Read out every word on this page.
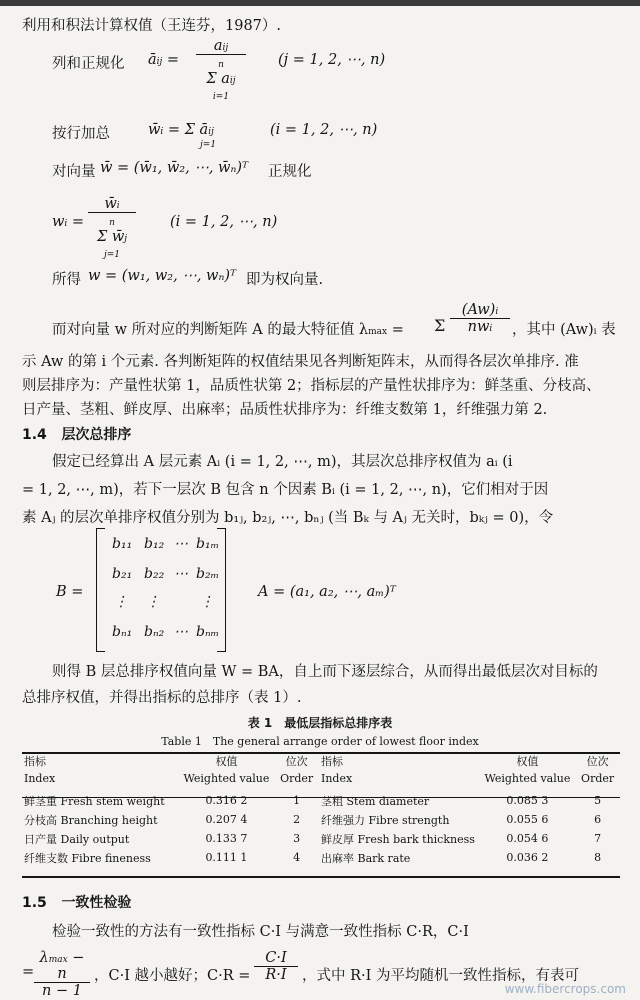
利用和积法计算权值（王连芬，1987）.
列和正规化 āij =
aij
n
Σ aij
i=1
(j = 1, 2, ⋯, n)
按行加总	w̄i = Σ āij
j=1
(i = 1, 2, ⋯, n)
对向量 w̄ = (w̄₁, w̄₂, ⋯, w̄ₙ)ᵀ 正规化
wi =
w̄i
n
Σ w̄j
j=1
(i = 1, 2, ⋯, n)
所得 w = (w₁, w₂, ⋯, wₙ)ᵀ 即为权向量.
而对向量 w 所对应的判断矩阵 A 的最大特征值 λmax =
(Aw)i
nwi
Σ	，其中 (Aw)ᵢ 表
示 Aw 的第 i 个元素. 各判断矩阵的权值结果见各判断矩阵末，从而得各层次单排序. 准
则层排序为：产量性状第 1，品质性状第 2；指标层的产量性状排序为：鲜茎重、分枝高、
日产量、茎粗、鲜皮厚、出麻率；品质性状排序为：纤维支数第 1，纤维强力第 2.
1.4 层次总排序
假定已经算出 A 层元素 Aᵢ (i = 1, 2, ⋯, m)，其层次总排序权值为 aᵢ (i
= 1, 2, ⋯, m)，若下一层次 B 包含 n 个因素 Bᵢ (i = 1, 2, ⋯, n)，它们相对于因
素 Aⱼ 的层次单排序权值分别为 b₁ⱼ, b₂ⱼ, ⋯, bₙⱼ (当 Bₖ 与 Aⱼ 无关时，bₖⱼ = 0)，令
B =
b₁₁ b₁₂ ⋯ b₁ₘ
b₂₁ b₂₂ ⋯ b₂ₘ
⋮ ⋮	⋮
bₙ₁ bₙ₂ ⋯ bₙₘ
A = (a₁, a₂, ⋯, aₘ)ᵀ
则得 B 层总排序权值向量 W = BA，自上而下逐层综合，从而得出最低层次对目标的
总排序权值，并得出指标的总排序（表 1）.
表 1　最低层指标总排序表
Table 1　The general arrange order of lowest floor index
指标	权值	位次	指标	权值	位次
Index	Weighted value	Order	Index	Weighted value	Order

鲜茎重 Fresh stem weight	0.316 2	1	茎粗 Stem diameter	0.085 3	5
分枝高 Branching height	0.207 4	2	纤维强力 Fibre strength	0.055 6	6
日产量 Daily output	0.133 7	3	鲜皮厚 Fresh bark thickness	0.054 6	7
纤维支数 Fibre fineness	0.111 1	4	出麻率 Bark rate	0.036 2	8
1.5 一致性检验
检验一致性的方法有一致性指标 C·I 与满意一致性指标 C·R，C·I
=
λmax − n
n − 1
，C·I 越小越好；$C\cdot R = \frac{C\cdot I}{R\cdot I}$ ，式中 R·I 为平均随机一致性指标，有表可
www.fibercrops.com
